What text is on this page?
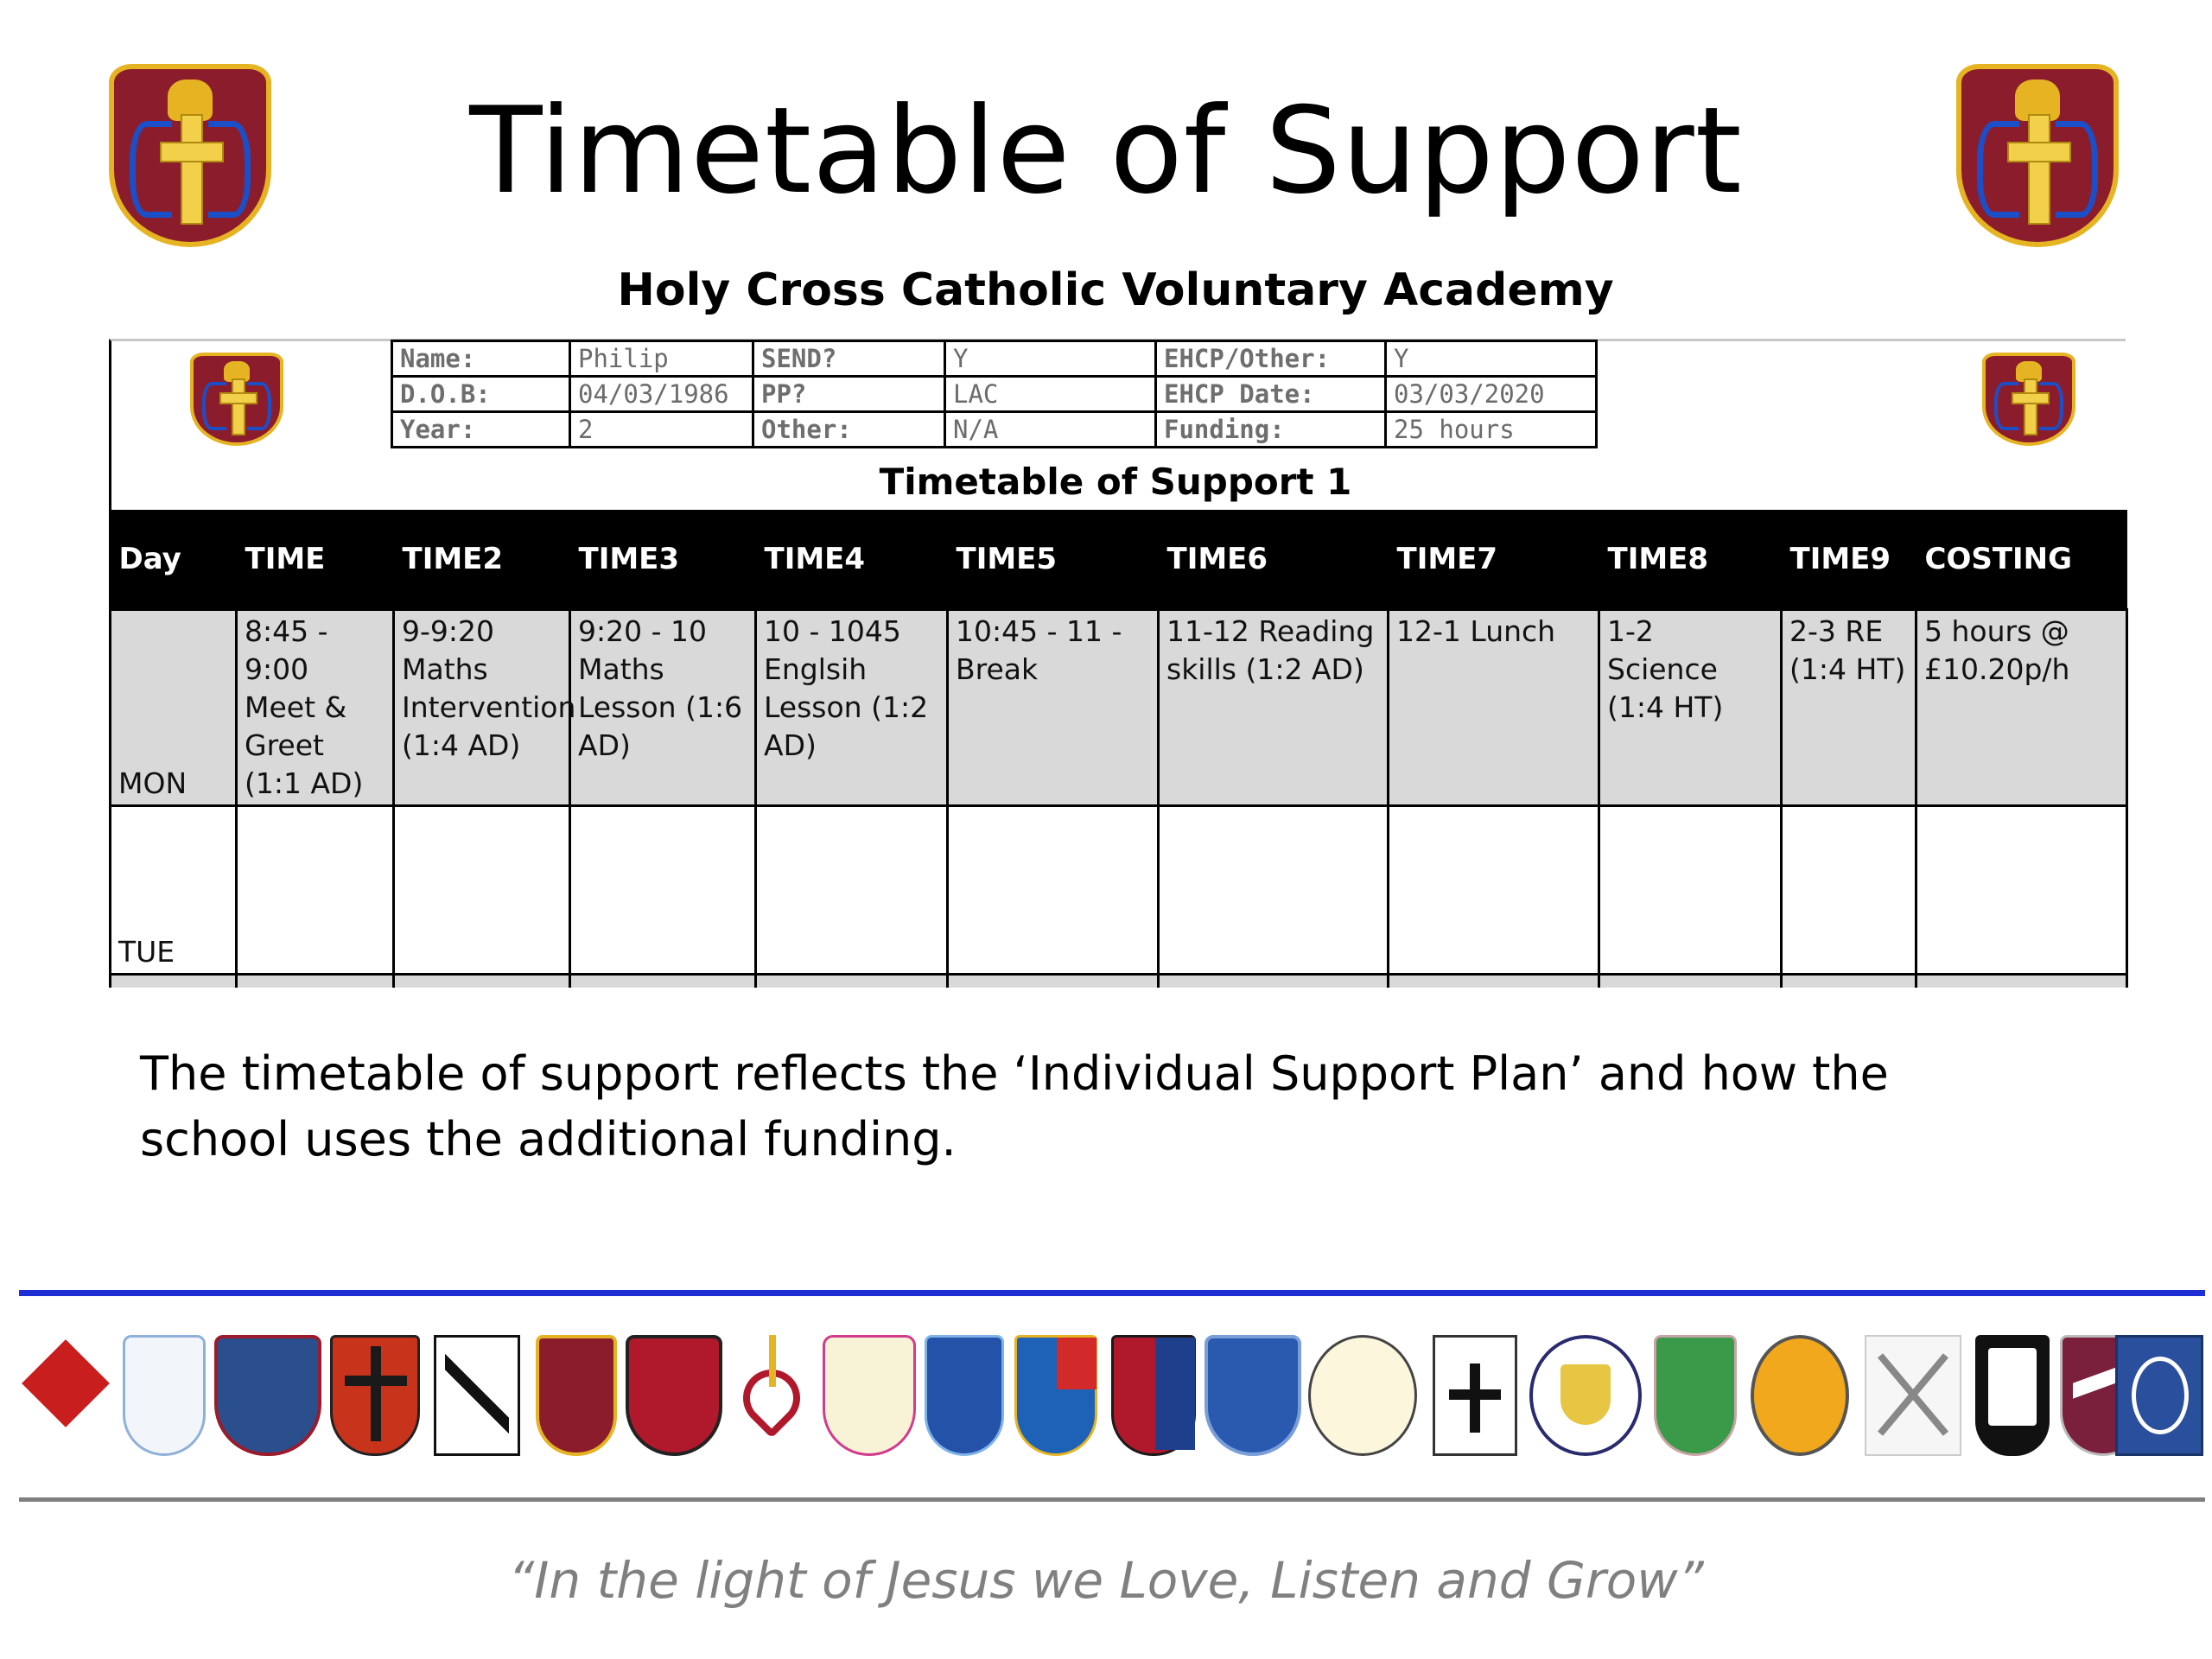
Timetable of Support
Holy Cross Catholic Voluntary Academy
Name:	Philip	SEND?	Y	EHCP/Other:	Y
D.O.B:	04/03/1986	PP?	LAC	EHCP Date:	03/03/2020
Year:	2	Other:	N/A	Funding:	25 hours
Timetable of Support 1
Day	TIME	TIME2	TIME3	TIME4	TIME5	TIME6	TIME7	TIME8	TIME9	COSTING
MON	8:45 - 9:00 Meet & Greet (1:1 AD)	9-9:20 Maths Intervention (1:4 AD)	9:20 - 10 Maths Lesson (1:6 AD)	10 - 1045 Englsih Lesson (1:2 AD)	10:45 - 11 - Break	11-12 Reading skills (1:2 AD)	12-1 Lunch	1-2 Science (1:4 HT)	2-3 RE (1:4 HT)	5 hours @ £10.20p/h
TUE										

The timetable of support reflects the ‘Individual Support Plan’ and how the school uses the additional funding.

“In the light of Jesus we Love, Listen and Grow”
